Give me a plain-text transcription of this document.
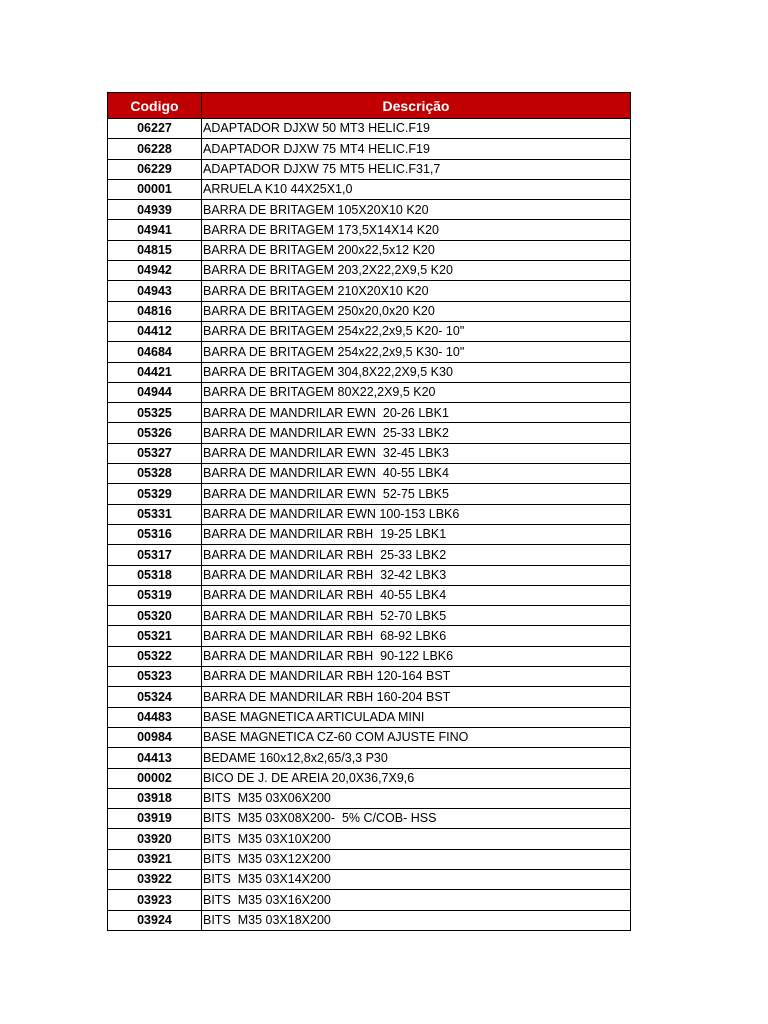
Codigo	Descrição
06227	ADAPTADOR DJXW 50 MT3 HELIC.F19
06228	ADAPTADOR DJXW 75 MT4 HELIC.F19
06229	ADAPTADOR DJXW 75 MT5 HELIC.F31,7
00001	ARRUELA K10 44X25X1,0
04939	BARRA DE BRITAGEM 105X20X10 K20
04941	BARRA DE BRITAGEM 173,5X14X14 K20
04815	BARRA DE BRITAGEM 200x22,5x12 K20
04942	BARRA DE BRITAGEM 203,2X22,2X9,5 K20
04943	BARRA DE BRITAGEM 210X20X10 K20
04816	BARRA DE BRITAGEM 250x20,0x20 K20
04412	BARRA DE BRITAGEM 254x22,2x9,5 K20- 10"
04684	BARRA DE BRITAGEM 254x22,2x9,5 K30- 10"
04421	BARRA DE BRITAGEM 304,8X22,2X9,5 K30
04944	BARRA DE BRITAGEM 80X22,2X9,5 K20
05325	BARRA DE MANDRILAR EWN  20-26 LBK1
05326	BARRA DE MANDRILAR EWN  25-33 LBK2
05327	BARRA DE MANDRILAR EWN  32-45 LBK3
05328	BARRA DE MANDRILAR EWN  40-55 LBK4
05329	BARRA DE MANDRILAR EWN  52-75 LBK5
05331	BARRA DE MANDRILAR EWN 100-153 LBK6
05316	BARRA DE MANDRILAR RBH  19-25 LBK1
05317	BARRA DE MANDRILAR RBH  25-33 LBK2
05318	BARRA DE MANDRILAR RBH  32-42 LBK3
05319	BARRA DE MANDRILAR RBH  40-55 LBK4
05320	BARRA DE MANDRILAR RBH  52-70 LBK5
05321	BARRA DE MANDRILAR RBH  68-92 LBK6
05322	BARRA DE MANDRILAR RBH  90-122 LBK6
05323	BARRA DE MANDRILAR RBH 120-164 BST
05324	BARRA DE MANDRILAR RBH 160-204 BST
04483	BASE MAGNETICA ARTICULADA MINI
00984	BASE MAGNETICA CZ-60 COM AJUSTE FINO
04413	BEDAME 160x12,8x2,65/3,3 P30
00002	BICO DE J. DE AREIA 20,0X36,7X9,6
03918	BITS  M35 03X06X200
03919	BITS  M35 03X08X200-  5% C/COB- HSS
03920	BITS  M35 03X10X200
03921	BITS  M35 03X12X200
03922	BITS  M35 03X14X200
03923	BITS  M35 03X16X200
03924	BITS  M35 03X18X200
